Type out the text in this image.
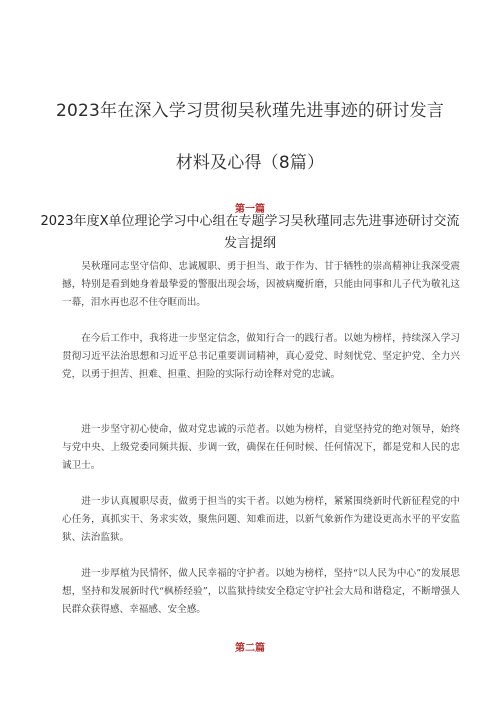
2023年在深入学习贯彻吴秋瑾先进事迹的研讨发言
材料及心得（8篇）
第一篇
2023年度Ⅹ单位理论学习中心组在专题学习吴秋瑾同志先进事迹研讨交流发言提纲

吴秋瑾同志坚守信仰、忠诚履职、勇于担当、敢于作为、甘于牺牲的崇高精神让我深受震撼，特别是看到她身着最挚爱的警服出现会场，因被病魔折磨，只能由同事和儿子代为敬礼这一幕，泪水再也忍不住夺眶而出。

在今后工作中，我将进一步坚定信念，做知行合一的践行者。以她为榜样，持续深入学习贯彻习近平法治思想和习近平总书记重要训词精神，真心爱党、时刻忧党、坚定护党、全力兴党，以勇于担苦、担难、担重、担险的实际行动诠释对党的忠诚。

进一步坚守初心使命，做对党忠诚的示范者。以她为榜样，自觉坚持党的绝对领导，始终与党中央、上级党委同频共振、步调一致，确保在任何时候、任何情况下，都是党和人民的忠诚卫士。

进一步认真履职尽责，做勇于担当的实干者。以她为榜样，紧紧围绕新时代新征程党的中心任务，真抓实干、务求实效，聚焦问题、知难而进，以新气象新作为建设更高水平的平安监狱、法治监狱。

进一步厚植为民情怀，做人民幸福的守护者。以她为榜样，坚持“以人民为中心”的发展思想，坚持和发展新时代“枫桥经验”，以监狱持续安全稳定守护社会大局和谐稳定，不断增强人民群众获得感、幸福感、安全感。

第二篇
